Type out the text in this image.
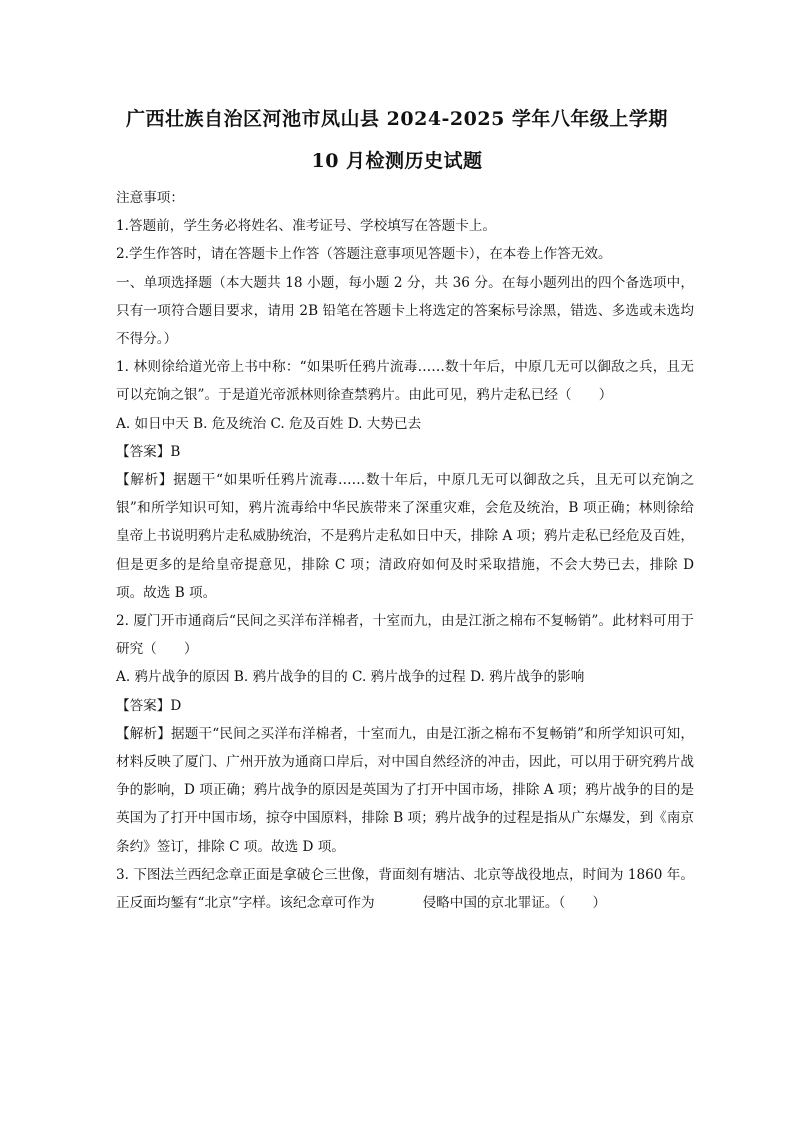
广西壮族自治区河池市凤山县 2024-2025 学年八年级上学期
10 月检测历史试题

注意事项：

1.答题前，学生务必将姓名、准考证号、学校填写在答题卡上。

2.学生作答时，请在答题卡上作答（答题注意事项见答题卡），在本卷上作答无效。

一、单项选择题（本大题共 18 小题，每小题 2 分，共 36 分。在每小题列出的四个备选项中，只有一项符合题目要求，请用 2B 铅笔在答题卡上将选定的答案标号涂黑，错选、多选或未选均不得分。）

1. 林则徐给道光帝上书中称：“如果听任鸦片流毒……数十年后，中原几无可以御敌之兵，且无可以充饷之银”。于是道光帝派林则徐查禁鸦片。由此可见，鸦片走私已经（　　）

A. 如日中天 B. 危及统治 C. 危及百姓 D. 大势已去

【答案】B

【解析】据题干“如果听任鸦片流毒……数十年后，中原几无可以御敌之兵，且无可以充饷之银”和所学知识可知，鸦片流毒给中华民族带来了深重灾难，会危及统治，B 项正确；林则徐给皇帝上书说明鸦片走私威胁统治，不是鸦片走私如日中天，排除 A 项；鸦片走私已经危及百姓，但是更多的是给皇帝提意见，排除 C 项；清政府如何及时采取措施，不会大势已去，排除 D 项。故选 B 项。

2. 厦门开市通商后“民间之买洋布洋棉者，十室而九，由是江浙之棉布不复畅销”。此材料可用于研究（　　）

A. 鸦片战争的原因 B. 鸦片战争的目的 C. 鸦片战争的过程 D. 鸦片战争的影响

【答案】D

【解析】据题干“民间之买洋布洋棉者，十室而九，由是江浙之棉布不复畅销”和所学知识可知，材料反映了厦门、广州开放为通商口岸后，对中国自然经济的冲击，因此，可以用于研究鸦片战争的影响，D 项正确；鸦片战争的原因是英国为了打开中国市场，排除 A 项；鸦片战争的目的是英国为了打开中国市场，掠夺中国原料，排除 B 项；鸦片战争的过程是指从广东爆发，到《南京条约》签订，排除 C 项。故选 D 项。

3. 下图法兰西纪念章正面是拿破仑三世像，背面刻有塘沽、北京等战役地点，时间为 1860 年。正反面均錾有“北京”字样。该纪念章可作为	侵略中国的京北罪证。（　　）
